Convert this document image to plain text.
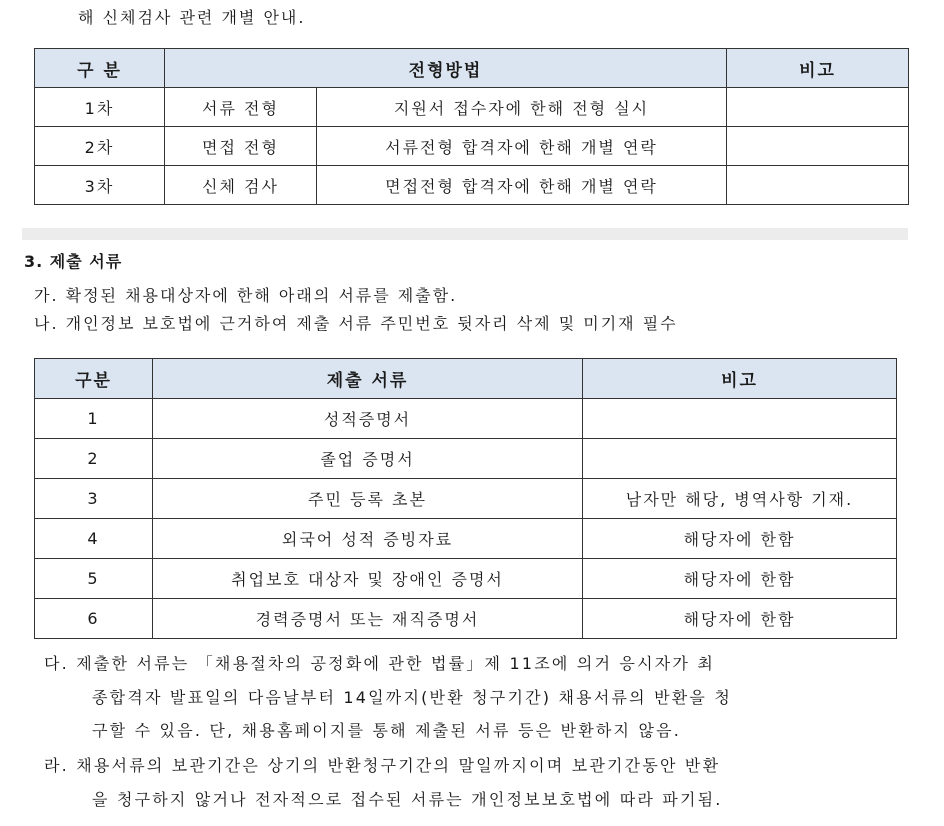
해 신체검사 관련 개별 안내.
구 분	전형방법		비고
1차	서류 전형	지원서 접수자에 한해 전형 실시	
2차	면접 전형	서류전형 합격자에 한해 개별 연락	
3차	신체 검사	면접전형 합격자에 한해 개별 연락	
3. 제출 서류
가. 확정된 채용대상자에 한해 아래의 서류를 제출함.
나. 개인정보 보호법에 근거하여 제출 서류 주민번호 뒷자리 삭제 및 미기재 필수
구분	제출 서류	비고
1	성적증명서	
2	졸업 증명서	
3	주민 등록 초본	남자만 해당, 병역사항 기재.
4	외국어 성적 증빙자료	해당자에 한함
5	취업보호 대상자 및 장애인 증명서	해당자에 한함
6	경력증명서 또는 재직증명서	해당자에 한함
다. 제출한 서류는 「채용절차의 공정화에 관한 법률」제 11조에 의거 응시자가 최
종합격자 발표일의 다음날부터 14일까지(반환 청구기간) 채용서류의 반환을 청
구할 수 있음. 단, 채용홈페이지를 통해 제출된 서류 등은 반환하지 않음.
라. 채용서류의 보관기간은 상기의 반환청구기간의 말일까지이며 보관기간동안 반환
을 청구하지 않거나 전자적으로 접수된 서류는 개인정보보호법에 따라 파기됨.
